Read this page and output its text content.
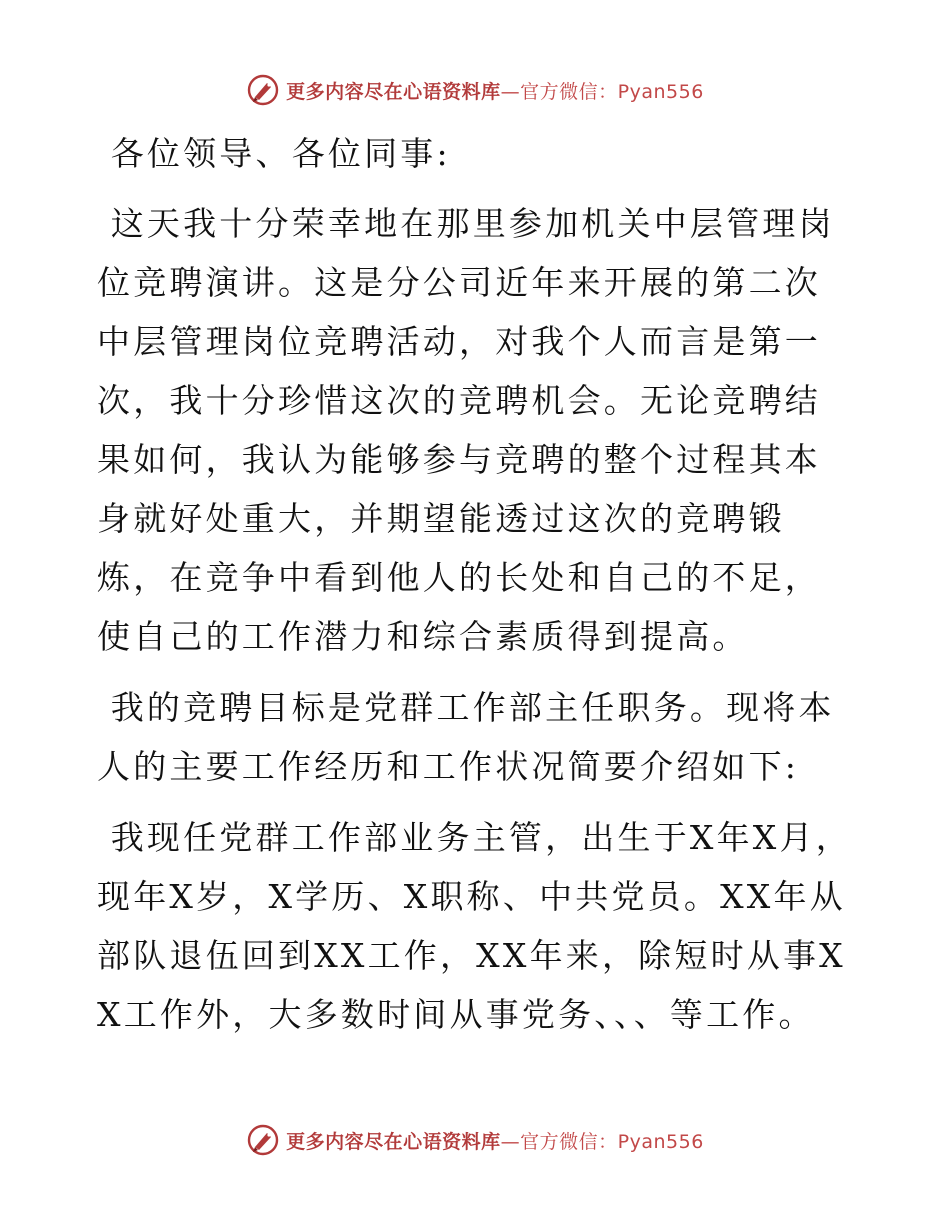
更多内容尽在心语资料库—官方微信：Pyan556

各位领导、各位同事:

这天我十分荣幸地在那里参加机关中层管理岗位竞聘演讲。这是分公司近年来开展的第二次中层管理岗位竞聘活动，对我个人而言是第一次，我十分珍惜这次的竞聘机会。无论竞聘结果如何，我认为能够参与竞聘的整个过程其本身就好处重大，并期望能透过这次的竞聘锻炼，在竞争中看到他人的长处和自己的不足，使自己的工作潜力和综合素质得到提高。

我的竞聘目标是党群工作部主任职务。现将本人的主要工作经历和工作状况简要介绍如下:

我现任党群工作部业务主管，出生于X年X月，现年X岁，X学历、X职称、中共党员。XX年从部队退伍回到XX工作，XX年来，除短时从事XX工作外，大多数时间从事党务、、、等工作。

更多内容尽在心语资料库—官方微信：Pyan556
